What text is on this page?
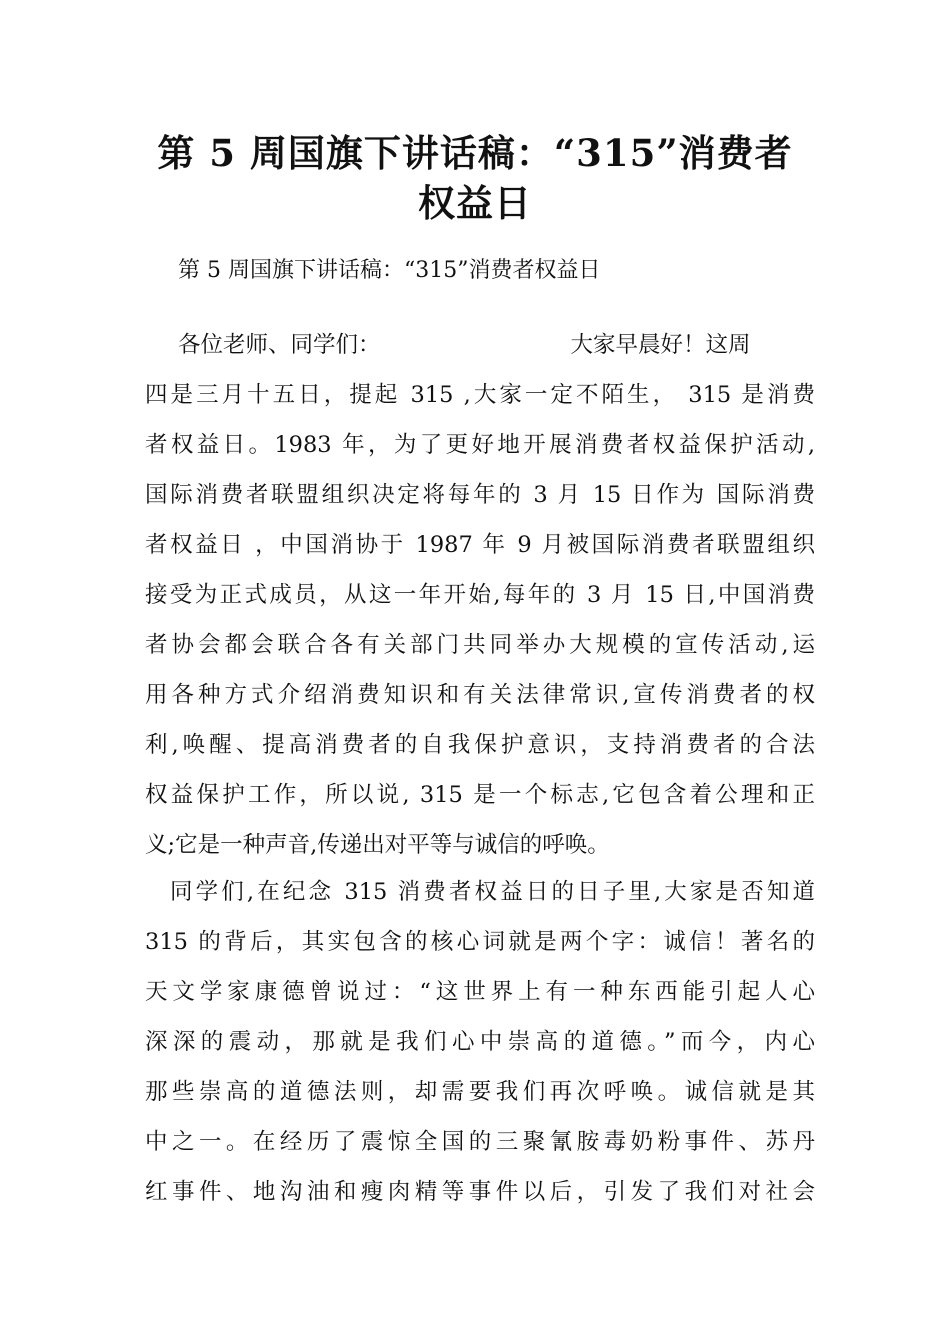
第 5 周国旗下讲话稿：“315”消费者
权益日
第 5 周国旗下讲话稿：“315”消费者权益日
各位老师、同学们：	大家早晨好！这周
四是三月十五日，提起 315 ,大家一定不陌生， 315 是消费
者权益日。1983 年，为了更好地开展消费者权益保护活动,
国际消费者联盟组织决定将每年的 3 月 15 日作为 国际消费
者权益日 ，中国消协于 1987 年 9 月被国际消费者联盟组织
接受为正式成员，从这一年开始,每年的 3 月 15 日,中国消费
者协会都会联合各有关部门共同举办大规模的宣传活动,运
用各种方式介绍消费知识和有关法律常识,宣传消费者的权
利,唤醒、提高消费者的自我保护意识，支持消费者的合法
权益保护工作，所以说, 315 是一个标志,它包含着公理和正
义;它是一种声音,传递出对平等与诚信的呼唤。
同学们,在纪念 315 消费者权益日的日子里,大家是否知道
315 的背后，其实包含的核心词就是两个字：诚信！著名的
天文学家康德曾说过：“这世界上有一种东西能引起人心
深深的震动，那就是我们心中崇高的道德。”而今，内心
那些崇高的道德法则，却需要我们再次呼唤。诚信就是其
中之一。在经历了震惊全国的三聚氰胺毒奶粉事件、苏丹
红事件、地沟油和瘦肉精等事件以后，引发了我们对社会
